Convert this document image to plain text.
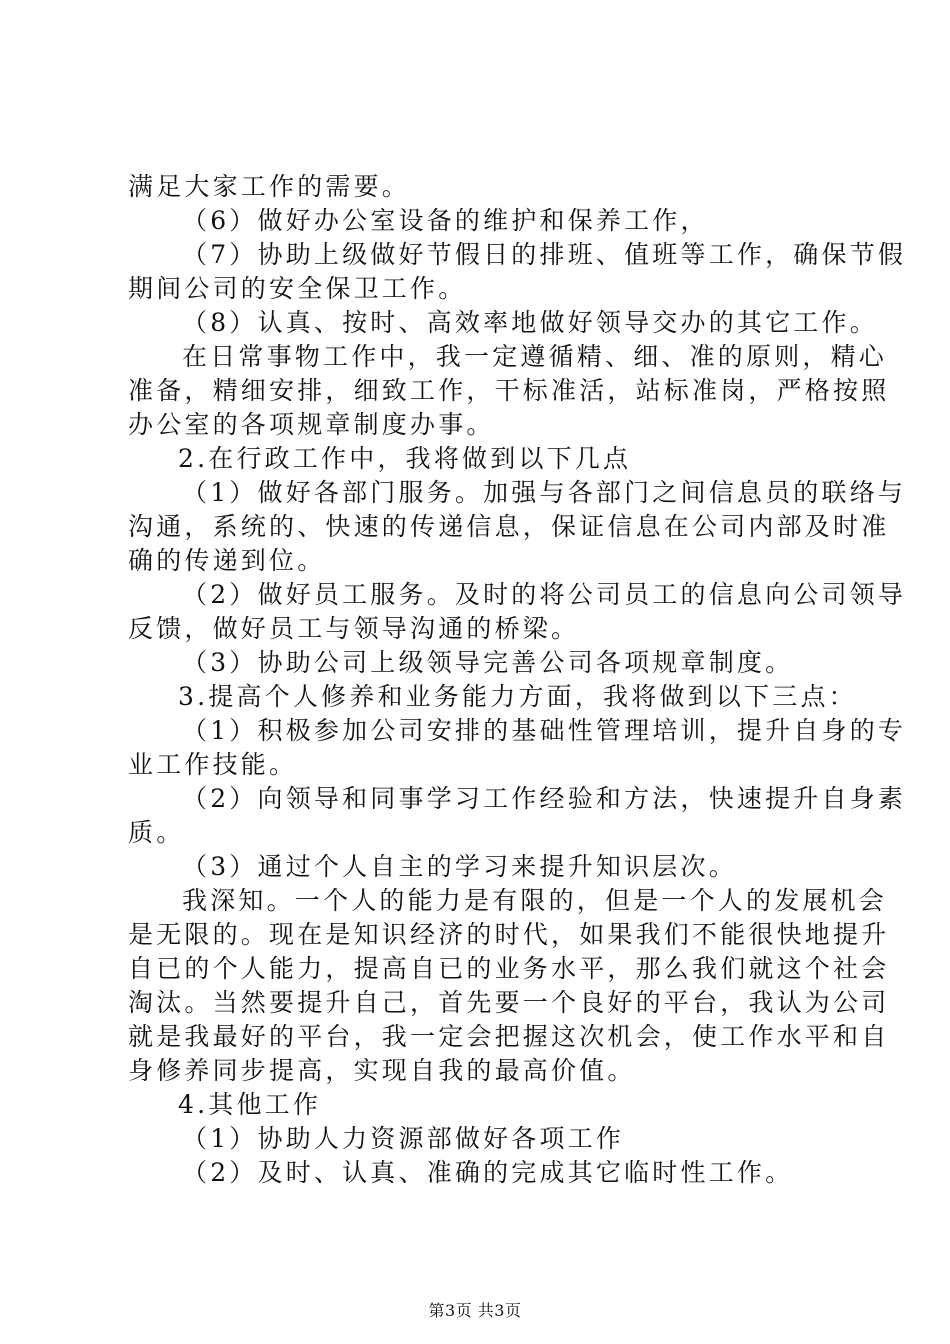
满足大家工作的需要。
（6）做好办公室设备的维护和保养工作，
（7）协助上级做好节假日的排班、值班等工作，确保节假
期间公司的安全保卫工作。
（8）认真、按时、高效率地做好领导交办的其它工作。
在日常事物工作中，我一定遵循精、细、准的原则，精心
准备，精细安排，细致工作，干标准活，站标准岗，严格按照
办公室的各项规章制度办事。
2.在行政工作中，我将做到以下几点
（1）做好各部门服务。加强与各部门之间信息员的联络与
沟通，系统的、快速的传递信息，保证信息在公司内部及时准
确的传递到位。
（2）做好员工服务。及时的将公司员工的信息向公司领导
反馈，做好员工与领导沟通的桥梁。
（3）协助公司上级领导完善公司各项规章制度。
3.提高个人修养和业务能力方面，我将做到以下三点：
（1）积极参加公司安排的基础性管理培训，提升自身的专
业工作技能。
（2）向领导和同事学习工作经验和方法，快速提升自身素
质。
（3）通过个人自主的学习来提升知识层次。
我深知。一个人的能力是有限的，但是一个人的发展机会
是无限的。现在是知识经济的时代，如果我们不能很快地提升
自已的个人能力，提高自已的业务水平，那么我们就这个社会
淘汰。当然要提升自己，首先要一个良好的平台，我认为公司
就是我最好的平台，我一定会把握这次机会，使工作水平和自
身修养同步提高，实现自我的最高价值。
4.其他工作
（1）协助人力资源部做好各项工作
（2）及时、认真、准确的完成其它临时性工作。
第3页 共3页
